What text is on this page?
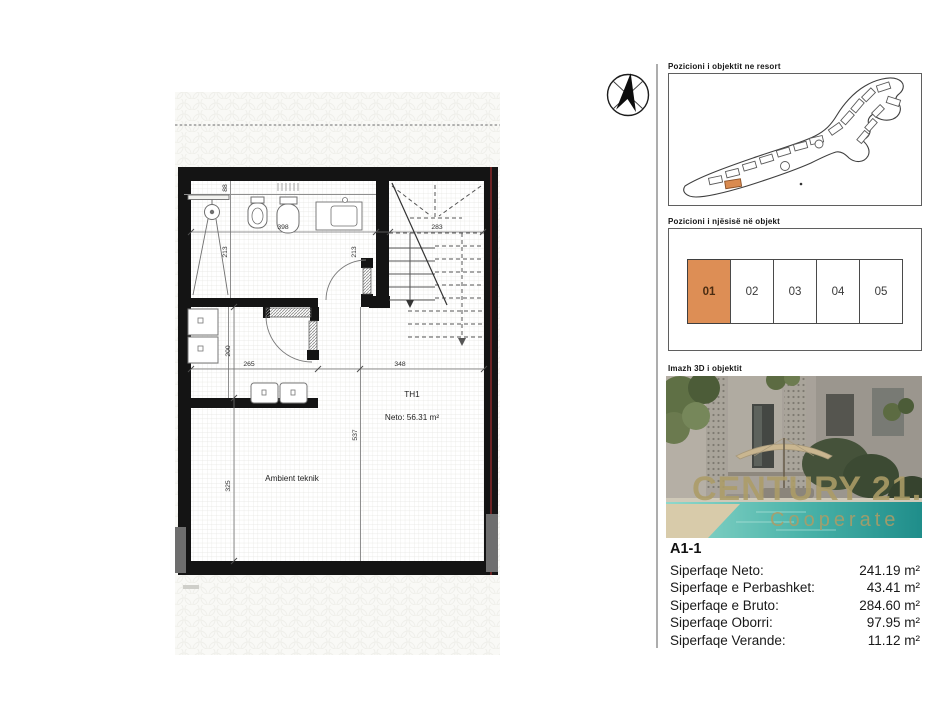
88
398	283
213	213
265	348
200
537
325
TH1
Neto: 56.31 m²
Ambient teknik
Pozicioni i objektit ne resort
Pozicioni i njësisë në objekt
01	02	03	04	05
Imazh 3D i objektit
CENTURY 21.
Cooperate
A1-1
Siperfaqe Neto:	241.19 m²
Siperfaqe e Perbashket:	43.41 m²
Siperfaqe e Bruto:	284.60 m²
Siperfaqe Oborri:	97.95 m²
Siperfaqe Verande:	11.12 m²
